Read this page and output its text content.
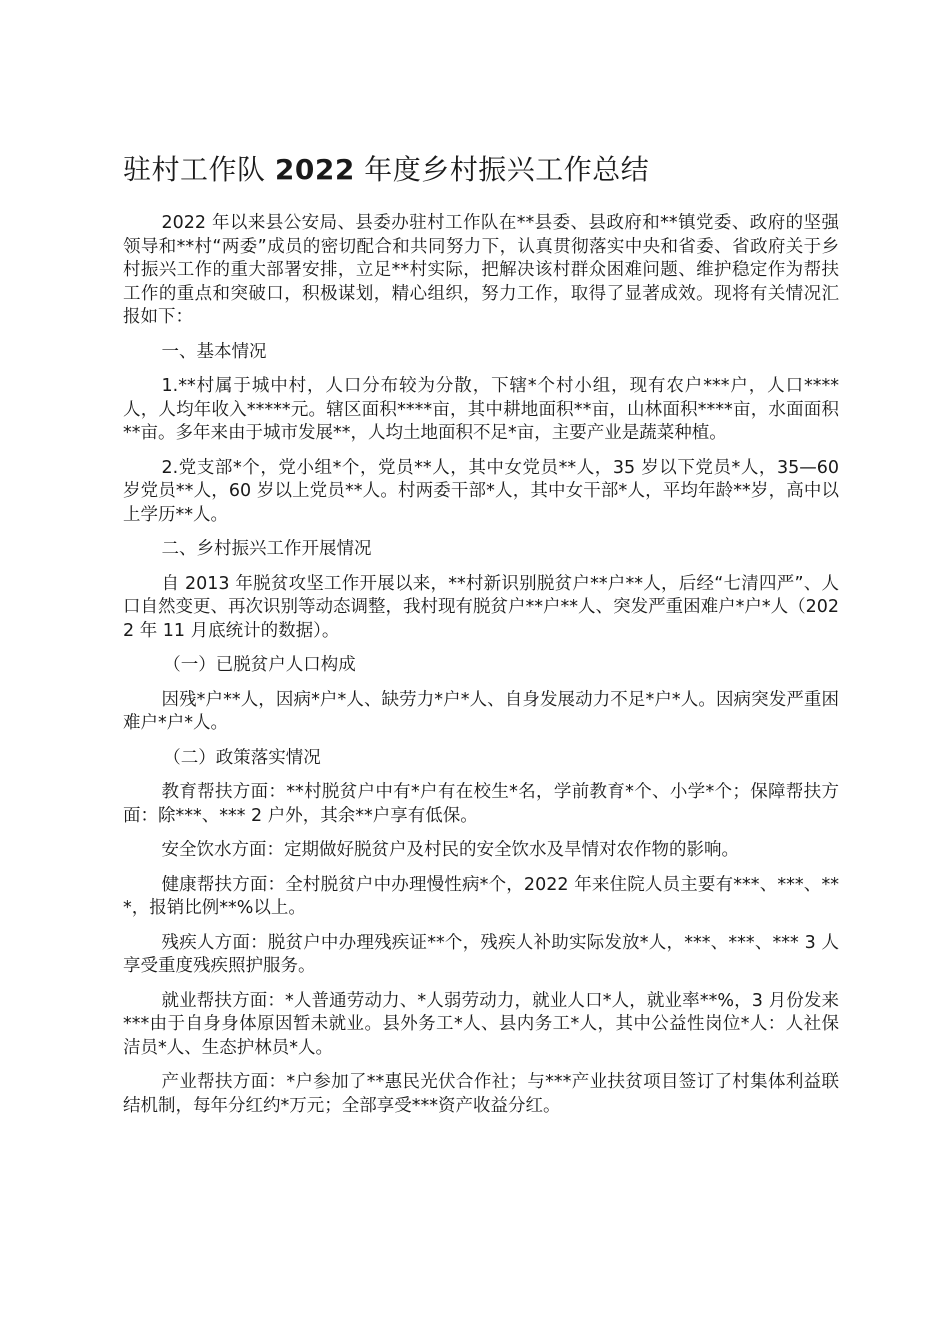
驻村工作队 2022 年度乡村振兴工作总结

2022 年以来县公安局、县委办驻村工作队在**县委、县政府和**镇党委、政府的坚强领导和**村“两委”成员的密切配合和共同努力下，认真贯彻落实中央和省委、省政府关于乡村振兴工作的重大部署安排，立足**村实际，把解决该村群众困难问题、维护稳定作为帮扶工作的重点和突破口，积极谋划，精心组织，努力工作，取得了显著成效。现将有关情况汇报如下：

一、基本情况

1.**村属于城中村，人口分布较为分散，下辖*个村小组，现有农户***户，人口****人，人均年收入*****元。辖区面积****亩，其中耕地面积**亩，山林面积****亩，水面面积**亩。多年来由于城市发展**，人均土地面积不足*亩，主要产业是蔬菜种植。

2.党支部*个，党小组*个，党员**人，其中女党员**人，35 岁以下党员*人，35—60 岁党员**人，60 岁以上党员**人。村两委干部*人，其中女干部*人，平均年龄**岁，高中以上学历**人。

二、乡村振兴工作开展情况

自 2013 年脱贫攻坚工作开展以来，**村新识别脱贫户**户**人，后经“七清四严”、人口自然变更、再次识别等动态调整，我村现有脱贫户**户**人、突发严重困难户*户*人（2022 年 11 月底统计的数据）。

（一）已脱贫户人口构成

因残*户**人，因病*户*人、缺劳力*户*人、自身发展动力不足*户*人。因病突发严重困难户*户*人。

（二）政策落实情况

教育帮扶方面：**村脱贫户中有*户有在校生*名，学前教育*个、小学*个；保障帮扶方面：除***、*** 2 户外，其余**户享有低保。

安全饮水方面：定期做好脱贫户及村民的安全饮水及旱情对农作物的影响。

健康帮扶方面：全村脱贫户中办理慢性病*个，2022 年来住院人员主要有***、***、***，报销比例**%以上。

残疾人方面：脱贫户中办理残疾证**个，残疾人补助实际发放*人，***、***、*** 3 人享受重度残疾照护服务。

就业帮扶方面：*人普通劳动力、*人弱劳动力，就业人口*人，就业率**%，3 月份发来***由于自身身体原因暂未就业。县外务工*人、县内务工*人，其中公益性岗位*人：人社保洁员*人、生态护林员*人。

产业帮扶方面：*户参加了**惠民光伏合作社；与***产业扶贫项目签订了村集体利益联结机制，每年分红约*万元；全部享受***资产收益分红。
